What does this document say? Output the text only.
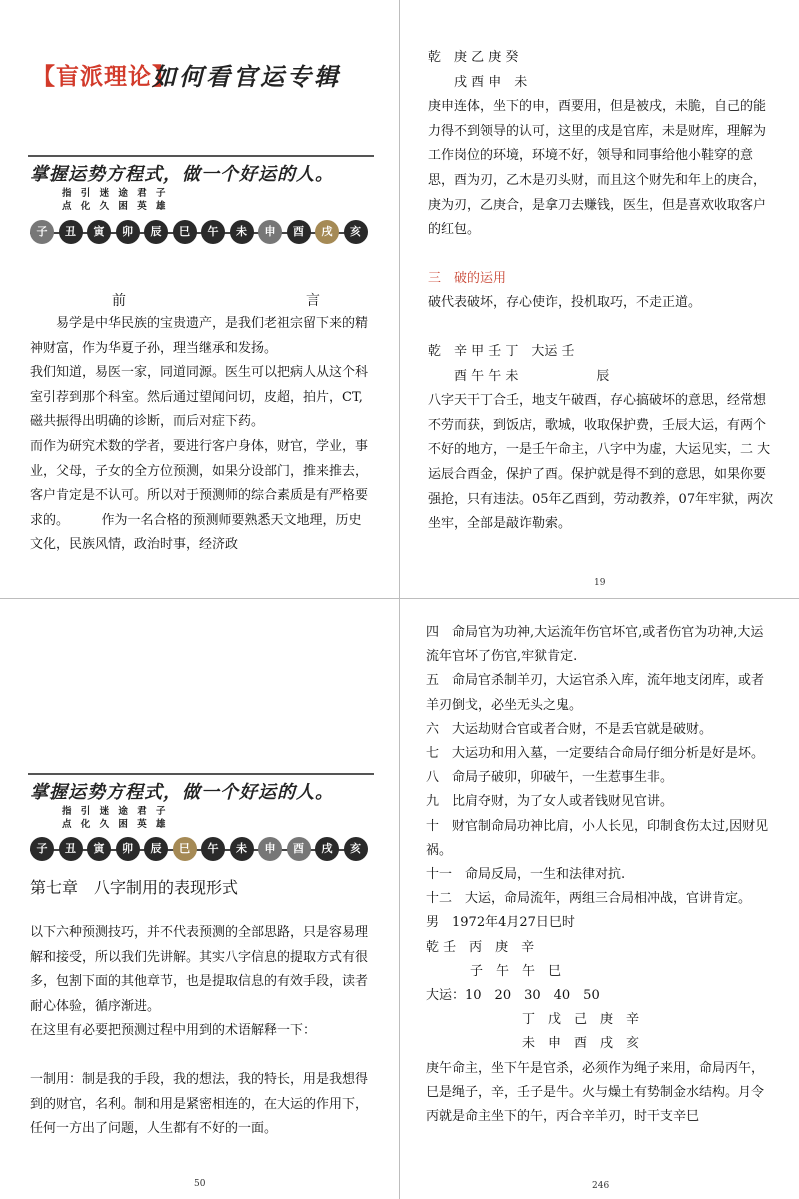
【盲派理论】
如何看官运专辑
掌握运势方程式，做一个好运的人。
指 引 迷 途 君 子
点 化 久 困 英 雄
子	丑	寅	卯	辰	巳	午	未	申	酉	戌	亥
前	言

　　易学是中华民族的宝贵遗产，是我们老祖宗留下来的精神财富，作为华夏子孙，理当继承和发扬。

我们知道，易医一家，同道同源。医生可以把病人从这个科室引荐到那个科室。然后通过望闻问切，皮超，拍片，CT,磁共振得出明确的诊断，而后对症下药。

而作为研究术数的学者，要进行客户身体，财官，学业，事业，父母，子女的全方位预测，如果分设部门，推来推去，客户肯定是不认可。所以对于预测师的综合素质是有严格要求的。　　　作为一名合格的预测师要熟悉天文地理，历史文化，民族风情，政治时事，经济政

乾　庚 乙 庚 癸

　　戌 酉 申　未

庚申连体，坐下的申，酉要用，但是被戌，未脆，自己的能力得不到领导的认可，这里的戌是官库，未是财库，理解为工作岗位的环境，环境不好，领导和同事给他小鞋穿的意思，酉为刃，乙木是刃头财，而且这个财先和年上的庚合，庚为刃，乙庚合，是拿刀去赚钱，医生，但是喜欢收取客户的红包。

三　破的运用

破代表破坏，存心使诈，投机取巧，不走正道。

乾　辛 甲 壬 丁　大运 壬

　　酉 午 午 未　　　　　　辰

八字天干丁合壬，地支午破酉，存心搞破坏的意思，经常想不劳而获，到饭店，歌城，收取保护费，壬辰大运，有两个不好的地方，一是壬午命主，八字中为虚，大运见实，二 大运辰合酉金，保护了酉。保护就是得不到的意思，如果你要强抢，只有违法。05年乙酉到，劳动教养，07年牢狱，两次坐牢，全部是敲诈勒索。

19
掌握运势方程式，做一个好运的人。
指 引 迷 途 君 子
点 化 久 困 英 雄
子	丑	寅	卯	辰	巳	午	未	申	酉	戌	亥
第七章　八字制用的表现形式

以下六种预测技巧，并不代表预测的全部思路，只是容易理解和接受，所以我们先讲解。其实八字信息的提取方式有很多，包割下面的其他章节，也是提取信息的有效手段，读者耐心体验，循序渐进。

在这里有必要把预测过程中用到的术语解释一下：

一制用：制是我的手段，我的想法，我的特长，用是我想得到的财官，名利。制和用是紧密相连的，在大运的作用下，任何一方出了问题，人生都有不好的一面。

50

四　命局官为功神,大运流年伤官坏官,或者伤官为功神,大运流年官坏了伤官,牢狱肯定.

五　命局官杀制羊刃，大运官杀入库，流年地支闭库，或者羊刃倒戈，必坐无头之鬼。

六　大运劫财合官或者合财，不是丢官就是破财。

七　大运功和用入墓，一定要结合命局仔细分析是好是坏。

八　命局子破卯，卯破午，一生惹事生非。

九　比肩夺财，为了女人或者钱财见官讲。

十　财官制命局功神比肩，小人长见，印制食伤太过,因财见祸。

十一　命局反局，一生和法律对抗.

十二　大运，命局流年，两组三合局相冲战，官讲肯定。

男　1972年4月27日巳时

乾 壬　丙　庚　辛

子　午　午　巳

大运：10　20　30　40　50

丁　戊　己　庚　辛

未　申　酉　戌　亥

庚午命主，坐下午是官杀，必须作为绳子来用，命局丙午，巳是绳子，辛，壬子是牛。火与燥土有势制金水结构。月令丙就是命主坐下的午，丙合辛羊刃，时干支辛巳

246
